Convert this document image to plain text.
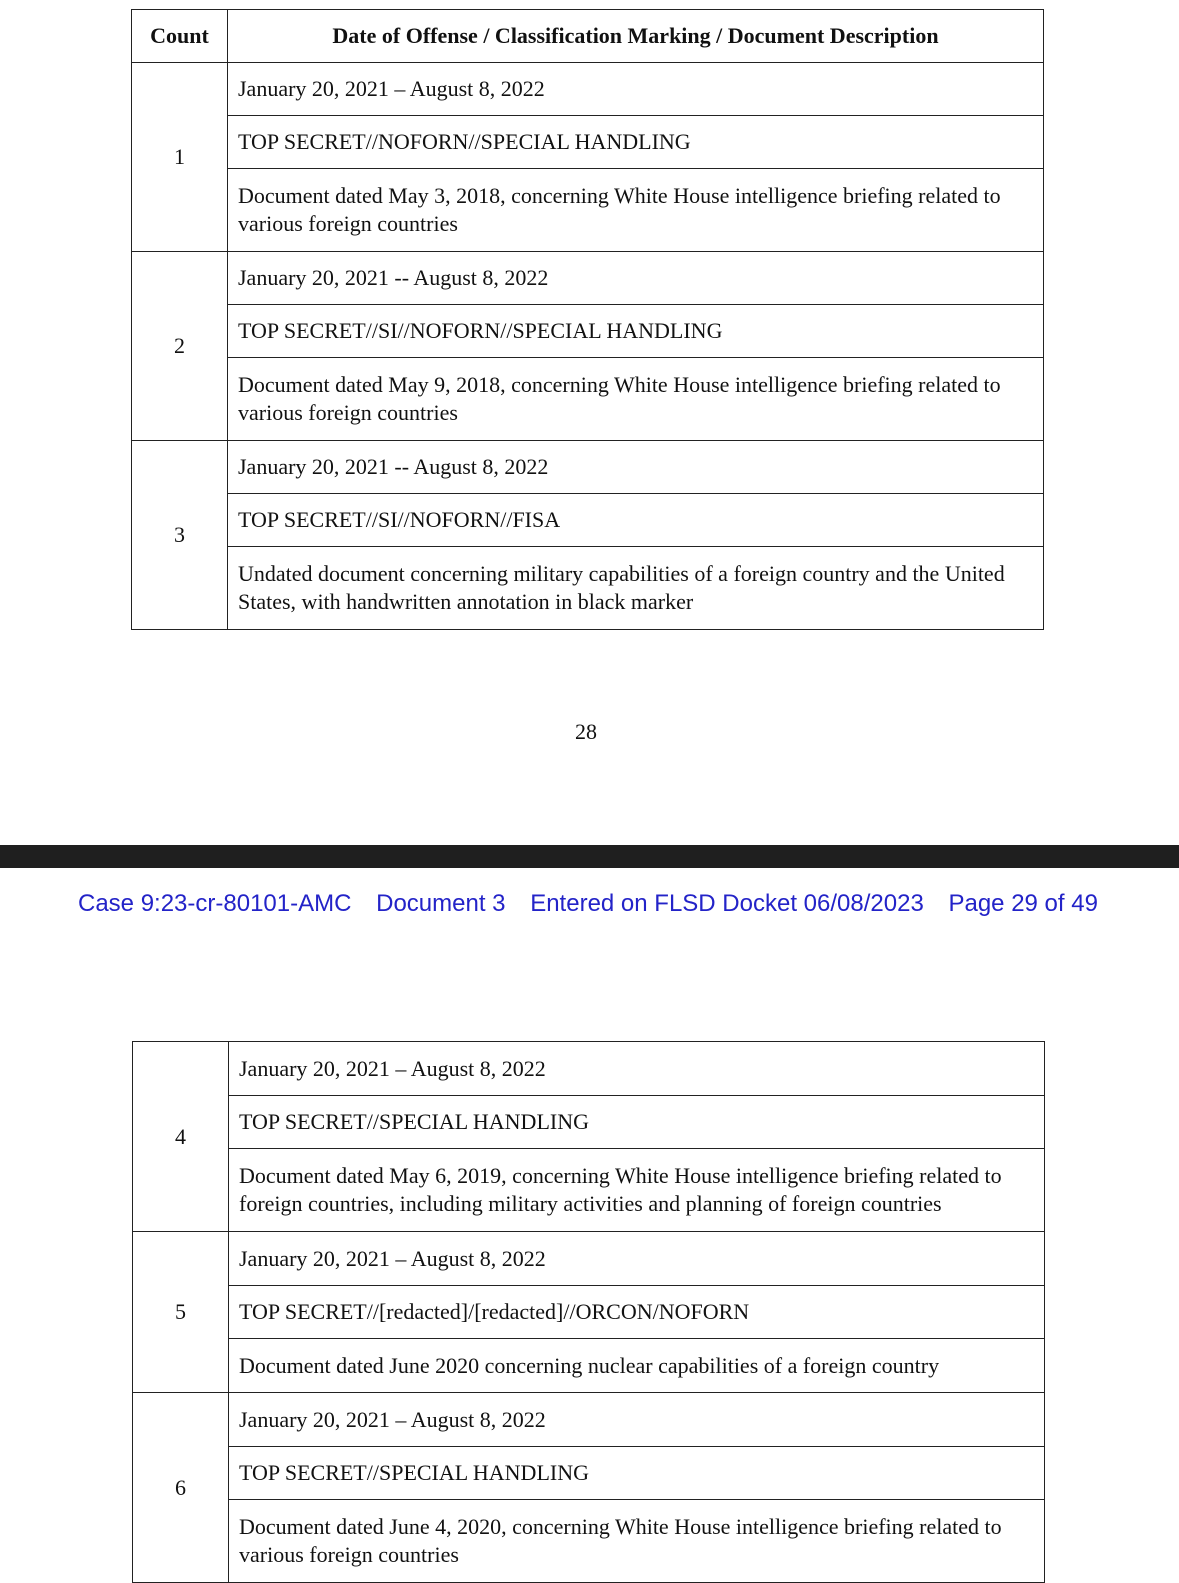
Count	Date of Offense / Classification Marking / Document Description
1	January 20, 2021 – August 8, 2022
	TOP SECRET//NOFORN//SPECIAL HANDLING
	Document dated May 3, 2018, concerning White House intelligence briefing related to various foreign countries
2	January 20, 2021 -- August 8, 2022
	TOP SECRET//SI//NOFORN//SPECIAL HANDLING
	Document dated May 9, 2018, concerning White House intelligence briefing related to various foreign countries
3	January 20, 2021 -- August 8, 2022
	TOP SECRET//SI//NOFORN//FISA
	Undated document concerning military capabilities of a foreign country and the United States, with handwritten annotation in black marker
28
Case 9:23-cr-80101-AMC Document 3 Entered on FLSD Docket 06/08/2023 Page 29 of 49
4	January 20, 2021 – August 8, 2022
	TOP SECRET//SPECIAL HANDLING
	Document dated May 6, 2019, concerning White House intelligence briefing related to foreign countries, including military activities and planning of foreign countries
5	January 20, 2021 – August 8, 2022
	TOP SECRET//[redacted]/[redacted]//ORCON/NOFORN
	Document dated June 2020 concerning nuclear capabilities of a foreign country
6	January 20, 2021 – August 8, 2022
	TOP SECRET//SPECIAL HANDLING
	Document dated June 4, 2020, concerning White House intelligence briefing related to various foreign countries
